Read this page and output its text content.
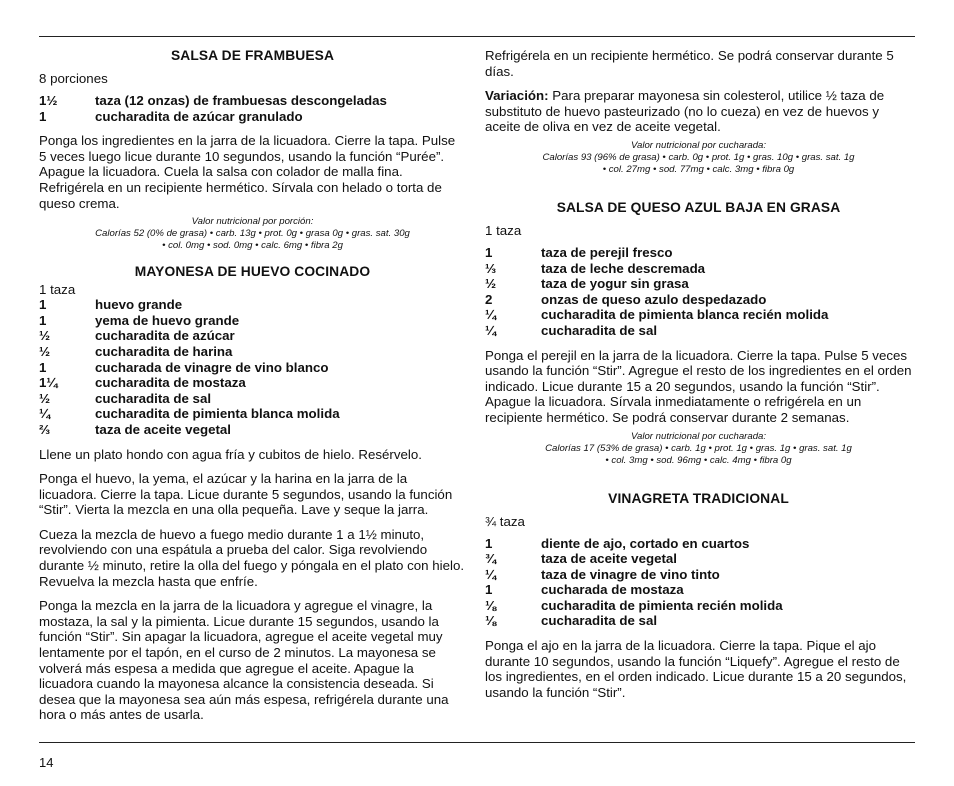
SALSA DE FRAMBUESA
8 porciones
1½	taza (12 onzas) de frambuesas descongeladas
1	cucharadita de azúcar granulado

Ponga los ingredientes en la jarra de la licuadora. Cierre la tapa. Pulse 5 veces luego licue durante 10 segundos, usando la función “Purée”. Apague la licuadora. Cuela la salsa con colador de malla fina. Refrigérela en un recipiente hermético. Sírvala con helado o torta de queso crema.

Valor nutricional por porción:
Calorías 52 (0% de grasa) • carb. 13g • prot. 0g • grasa 0g • gras. sat. 30g
• col. 0mg • sod. 0mg • calc. 6mg • fibra 2g
MAYONESA DE HUEVO COCINADO
1 taza
1	huevo grande
1	yema de huevo grande
½	cucharadita de azúcar
½	cucharadita de harina
1	cucharada de vinagre de vino blanco
1¼	cucharadita de mostaza
½	cucharadita de sal
¼	cucharadita de pimienta blanca molida
⅔	taza de aceite vegetal

Llene un plato hondo con agua fría y cubitos de hielo. Resérvelo.

Ponga el huevo, la yema, el azúcar y la harina en la jarra de la licuadora. Cierre la tapa. Licue durante 5 segundos, usando la función “Stir”. Vierta la mezcla en una olla pequeña. Lave y seque la jarra.

Cueza la mezcla de huevo a fuego medio durante 1 a 1½ minuto, revolviendo con una espátula a prueba del calor. Siga revolviendo durante ½ minuto, retire la olla del fuego y póngala en el plato con hielo. Revuelva la mezcla hasta que enfríe.

Ponga la mezcla en la jarra de la licuadora y agregue el vinagre, la mostaza, la sal y la pimienta. Licue durante 15 segundos, usando la función “Stir”. Sin apagar la licuadora, agregue el aceite vegetal muy lentamente por el tapón, en el curso de 2 minutos. La mayonesa se volverá más espesa a medida que agregue el aceite. Apague la licuadora cuando la mayonesa alcance la consistencia deseada. Si desea que la mayonesa sea aún más espesa, refrigérela durante una hora o más antes de usarla.

Refrigérela en un recipiente hermético. Se podrá conservar durante 5 días.

Variación: Para preparar mayonesa sin colesterol, utilice ½ taza de substituto de huevo pasteurizado (no lo cueza) en vez de huevos y aceite de oliva en vez de aceite vegetal.

Valor nutricional por cucharada:
Calorías 93 (96% de grasa) • carb. 0g • prot. 1g • gras. 10g • gras. sat. 1g
• col. 27mg • sod. 77mg • calc. 3mg • fibra 0g
SALSA DE QUESO AZUL BAJA EN GRASA
1 taza
1	taza de perejil fresco
⅓	taza de leche descremada
½	taza de yogur sin grasa
2	onzas de queso azulo despedazado
¼	cucharadita de pimienta blanca recién molida
¼	cucharadita de sal

Ponga el perejil en la jarra de la licuadora. Cierre la tapa. Pulse 5 veces usando la función “Stir”. Agregue el resto de los ingredientes en el orden indicado. Licue durante 15 a 20 segundos, usando la función “Stir”. Apague la licuadora. Sírvala inmediatamente o refrigérela en un recipiente hermético. Se podrá conservar durante 2 semanas.

Valor nutricional por cucharada:
Calorías 17 (53% de grasa) • carb. 1g • prot. 1g • gras. 1g • gras. sat. 1g
• col. 3mg • sod. 96mg • calc. 4mg • fibra 0g
VINAGRETA TRADICIONAL
¾ taza
1	diente de ajo, cortado en cuartos
¾	taza de aceite vegetal
¼	taza de vinagre de vino tinto
1	cucharada de mostaza
⅛	cucharadita de pimienta recién molida
⅛	cucharadita de sal

Ponga el ajo en la jarra de la licuadora. Cierre la tapa. Pique el ajo durante 10 segundos, usando la función “Liquefy”. Agregue el resto de los ingredientes, en el orden indicado. Licue durante 15 a 20 segundos, usando la función “Stir”.

14
